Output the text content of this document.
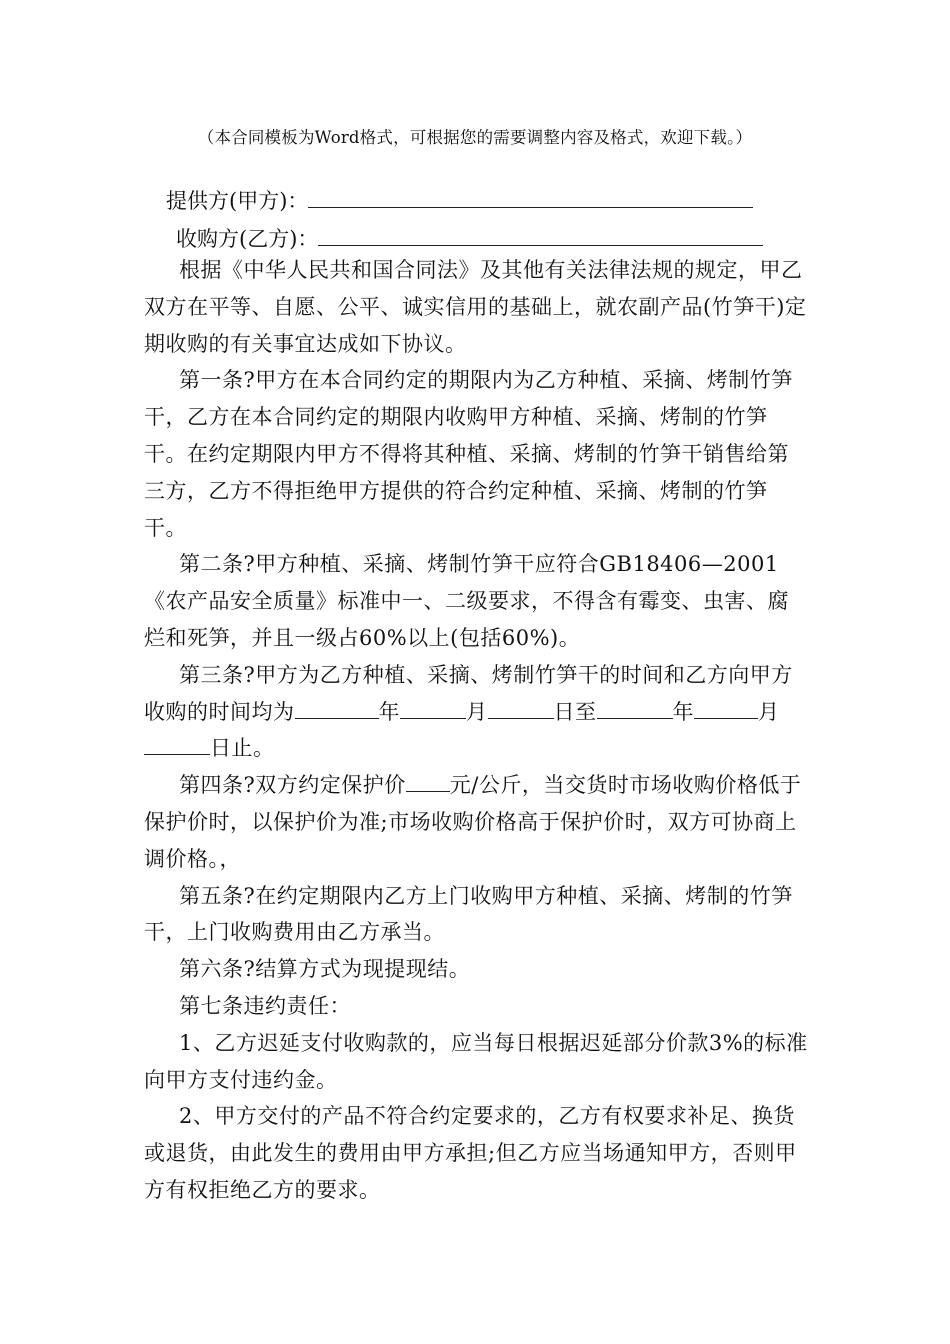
（本合同模板为Word格式，可根据您的需要调整内容及格式，欢迎下载。）
提供方(甲方)：
收购方(乙方)：

根据《中华人民共和国合同法》及其他有关法律法规的规定，甲乙双方在平等、自愿、公平、诚实信用的基础上，就农副产品(竹笋干)定期收购的有关事宜达成如下协议。

第一条?甲方在本合同约定的期限内为乙方种植、采摘、烤制竹笋干，乙方在本合同约定的期限内收购甲方种植、采摘、烤制的竹笋干。在约定期限内甲方不得将其种植、采摘、烤制的竹笋干销售给第三方，乙方不得拒绝甲方提供的符合约定种植、采摘、烤制的竹笋干。

第二条?甲方种植、采摘、烤制竹笋干应符合GB18406—2001《农产品安全质量》标准中一、二级要求，不得含有霉变、虫害、腐烂和死笋，并且一级占60%以上(包括60%)。

第三条?甲方为乙方种植、采摘、烤制竹笋干的时间和乙方向甲方收购的时间均为	年	月	日至	年	月日止。

第四条?双方约定保护价 元/公斤，当交货时市场收购价格低于保护价时，以保护价为准;市场收购价格高于保护价时，双方可协商上调价格。，

第五条?在约定期限内乙方上门收购甲方种植、采摘、烤制的竹笋干，上门收购费用由乙方承当。

第六条?结算方式为现提现结。

第七条违约责任：

1、乙方迟延支付收购款的，应当每日根据迟延部分价款3%的标准向甲方支付违约金。

2、甲方交付的产品不符合约定要求的，乙方有权要求补足、换货或退货，由此发生的费用由甲方承担;但乙方应当场通知甲方，否则甲方有权拒绝乙方的要求。
